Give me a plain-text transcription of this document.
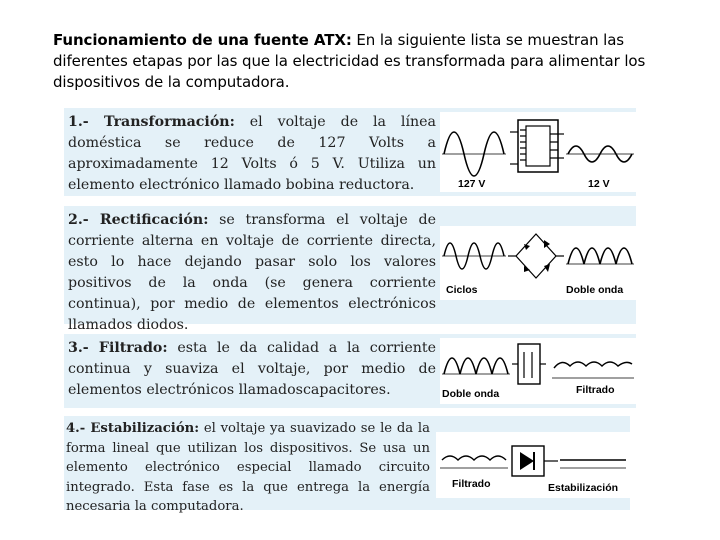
Funcionamiento de una fuente ATX: En la siguiente lista se muestran las diferentes etapas por las que la electricidad es transformada para alimentar los dispositivos de la computadora.
1.- Transformación: el voltaje de la línea doméstica se reduce de 127 Volts a aproximadamente 12 Volts ó 5 V. Utiliza un elemento electrónico llamado bobina reductora.	127 V	12 V
2.- Rectificación: se transforma el voltaje de corriente alterna en voltaje de corriente directa, esto lo hace dejando pasar solo los valores positivos de la onda (se genera corriente continua), por medio de elementos electrónicos llamados diodos.
Ciclos	Doble onda
3.- Filtrado: esta le da calidad a la corriente continua y suaviza el voltaje, por medio de elementos electrónicos llamadoscapacitores.	Doble onda	Filtrado
4.- Estabilización: el voltaje ya suavizado se le da la forma lineal que utilizan los dispositivos. Se usa un elemento electrónico especial llamado circuito integrado. Esta fase es la que entrega la energía necesaria la computadora.
Filtrado	Estabilización
